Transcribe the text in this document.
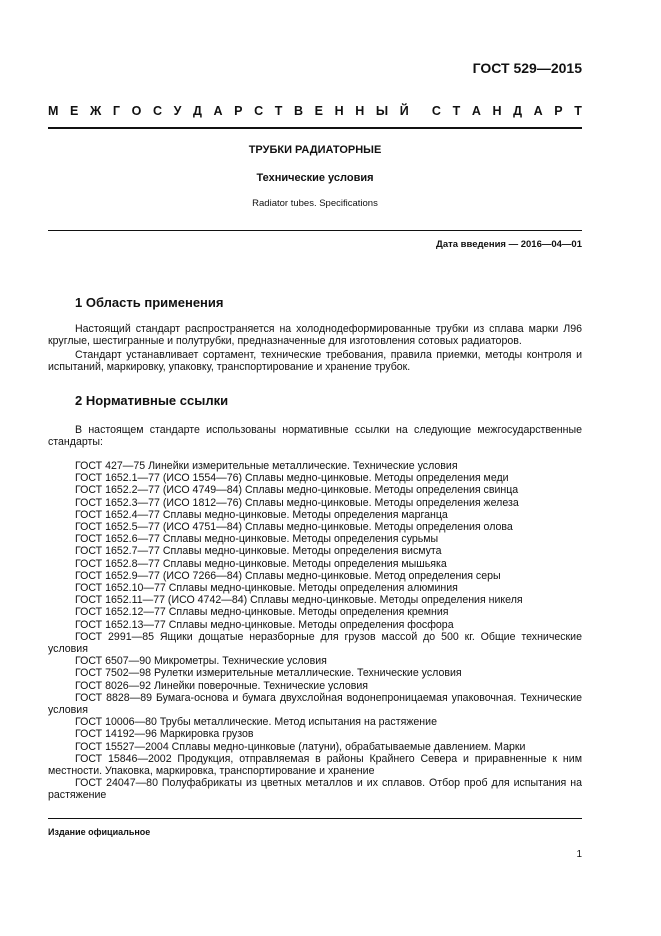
ГОСТ 529—2015
М Е Ж Г О С У Д А Р С Т В Е Н Н Ы Й С Т А Н Д А Р Т
ТРУБКИ РАДИАТОРНЫЕ
Технические условия
Radiator tubes. Specifications
Дата введения — 2016—04—01
1 Область применения

Настоящий стандарт распространяется на холоднодеформированные трубки из сплава марки Л96 круглые, шестигранные и полутрубки, предназначенные для изготовления сотовых радиаторов.

Стандарт устанавливает сортамент, технические требования, правила приемки, методы контроля и испытаний, маркировку, упаковку, транспортирование и хранение трубок.

2 Нормативные ссылки

В настоящем стандарте использованы нормативные ссылки на следующие межгосударственные стандарты:

ГОСТ 427—75 Линейки измерительные металлические. Технические условия
ГОСТ 1652.1—77 (ИСО 1554—76) Сплавы медно-цинковые. Методы определения меди
ГОСТ 1652.2—77 (ИСО 4749—84) Сплавы медно-цинковые. Методы определения свинца
ГОСТ 1652.3—77 (ИСО 1812—76) Сплавы медно-цинковые. Методы определения железа
ГОСТ 1652.4—77 Сплавы медно-цинковые. Методы определения марганца
ГОСТ 1652.5—77 (ИСО 4751—84) Сплавы медно-цинковые. Методы определения олова
ГОСТ 1652.6—77 Сплавы медно-цинковые. Методы определения сурьмы
ГОСТ 1652.7—77 Сплавы медно-цинковые. Методы определения висмута
ГОСТ 1652.8—77 Сплавы медно-цинковые. Методы определения мышьяка
ГОСТ 1652.9—77 (ИСО 7266—84) Сплавы медно-цинковые. Метод определения серы
ГОСТ 1652.10—77 Сплавы медно-цинковые. Методы определения алюминия
ГОСТ 1652.11—77 (ИСО 4742—84) Сплавы медно-цинковые. Методы определения никеля
ГОСТ 1652.12—77 Сплавы медно-цинковые. Методы определения кремния
ГОСТ 1652.13—77 Сплавы медно-цинковые. Методы определения фосфора
ГОСТ 2991—85 Ящики дощатые неразборные для грузов массой до 500 кг. Общие технические условия
ГОСТ 6507—90 Микрометры. Технические условия
ГОСТ 7502—98 Рулетки измерительные металлические. Технические условия
ГОСТ 8026—92 Линейки поверочные. Технические условия
ГОСТ 8828—89 Бумага-основа и бумага двухслойная водонепроницаемая упаковочная. Технические условия
ГОСТ 10006—80 Трубы металлические. Метод испытания на растяжение
ГОСТ 14192—96 Маркировка грузов
ГОСТ 15527—2004 Сплавы медно-цинковые (латуни), обрабатываемые давлением. Марки
ГОСТ 15846—2002 Продукция, отправляемая в районы Крайнего Севера и приравненные к ним местности. Упаковка, маркировка, транспортирование и хранение
ГОСТ 24047—80 Полуфабрикаты из цветных металлов и их сплавов. Отбор проб для испытания на растяжение
Издание официальное
1
